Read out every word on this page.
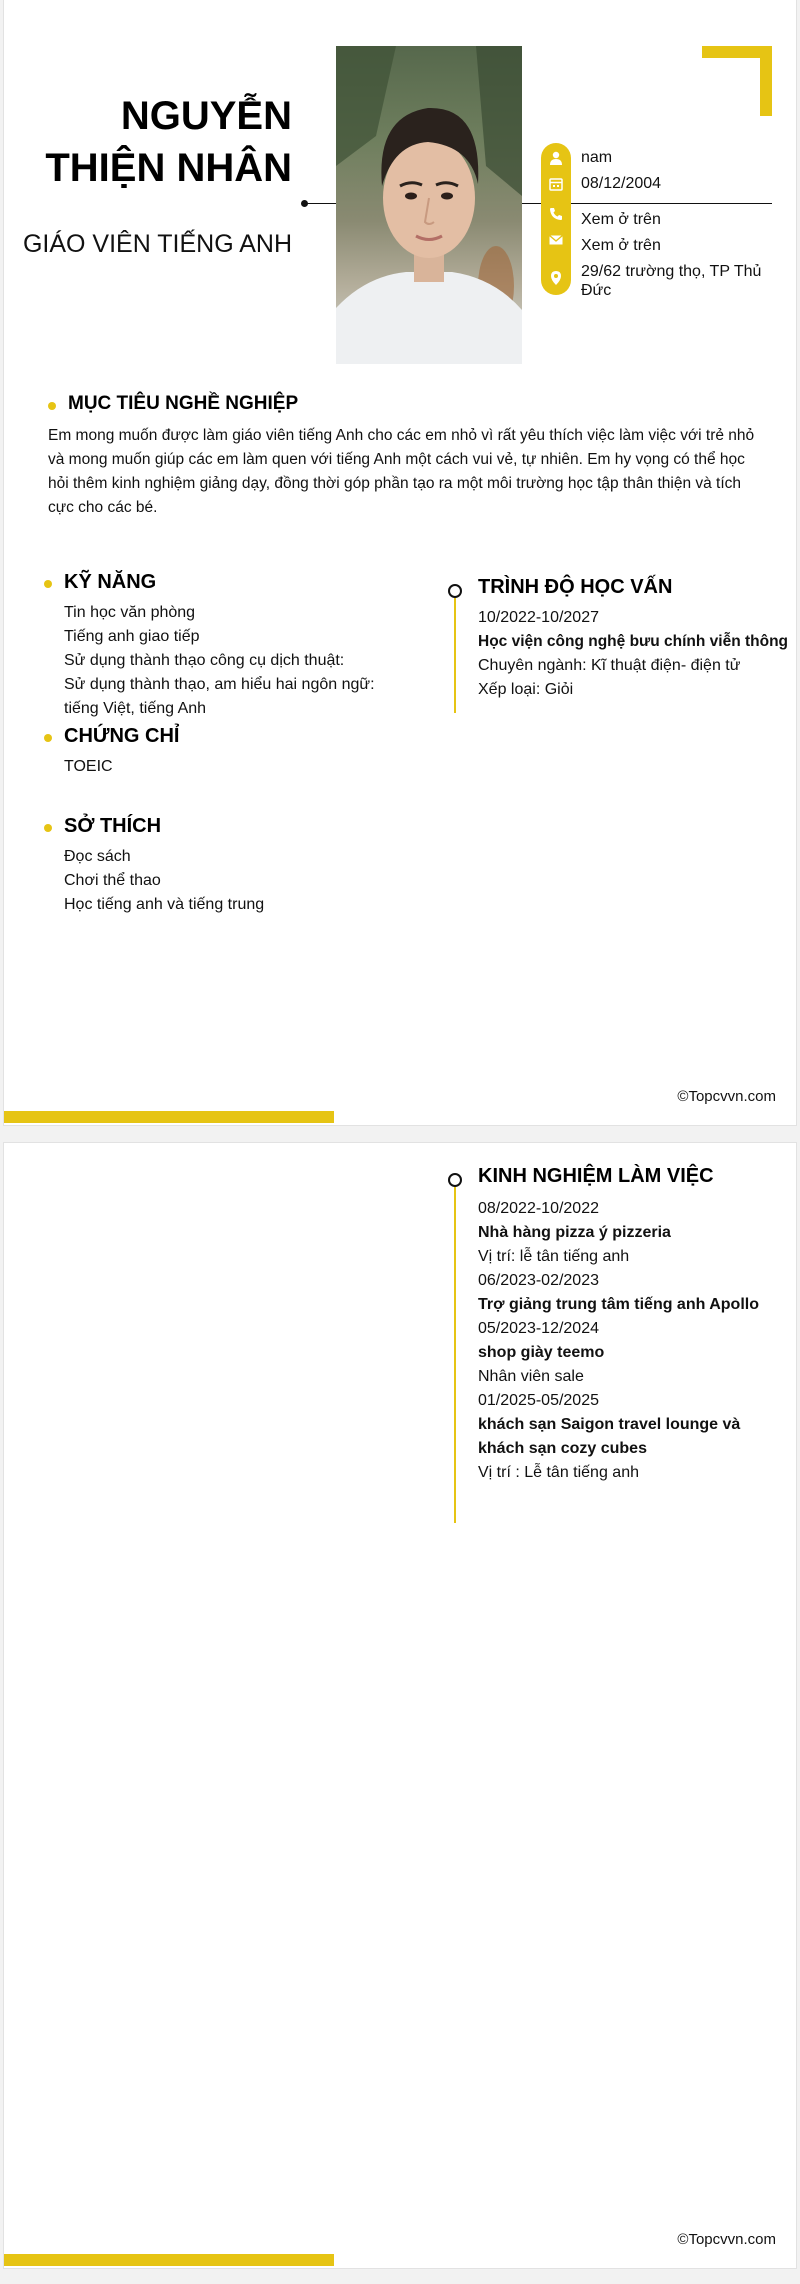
NGUYỄN
THIỆN NHÂN
GIÁO VIÊN TIẾNG ANH
nam
08/12/2004
Xem ở trên
Xem ở trên
29/62 trường thọ, TP Thủ Đức
MỤC TIÊU NGHỀ NGHIỆP
Em mong muốn được làm giáo viên tiếng Anh cho các em nhỏ vì rất yêu thích việc làm việc với trẻ nhỏ và mong muốn giúp các em làm quen với tiếng Anh một cách vui vẻ, tự nhiên. Em hy vọng có thể học hỏi thêm kinh nghiệm giảng dạy, đồng thời góp phần tạo ra một môi trường học tập thân thiện và tích cực cho các bé.
KỸ NĂNG
Tin học văn phòng
Tiếng anh giao tiếp
Sử dụng thành thạo công cụ dịch thuật:
Sử dụng thành thạo, am hiểu hai ngôn ngữ:
tiếng Việt, tiếng Anh
CHỨNG CHỈ
TOEIC
SỞ THÍCH
Đọc sách
Chơi thể thao
Học tiếng anh và tiếng trung
TRÌNH ĐỘ HỌC VẤN
10/2022-10/2027
Học viện công nghệ bưu chính viễn thông
Chuyên ngành: Kĩ thuật điện- điện tử
Xếp loại: Giỏi
©Topcvvn.com
KINH NGHIỆM LÀM VIỆC
08/2022-10/2022
Nhà hàng pizza ý pizzeria
Vị trí: lễ tân tiếng anh
06/2023-02/2023
Trợ giảng trung tâm tiếng anh Apollo
05/2023-12/2024
shop giày teemo
Nhân viên sale
01/2025-05/2025
khách sạn Saigon travel lounge và khách sạn cozy cubes
Vị trí : Lễ tân tiếng anh
©Topcvvn.com
